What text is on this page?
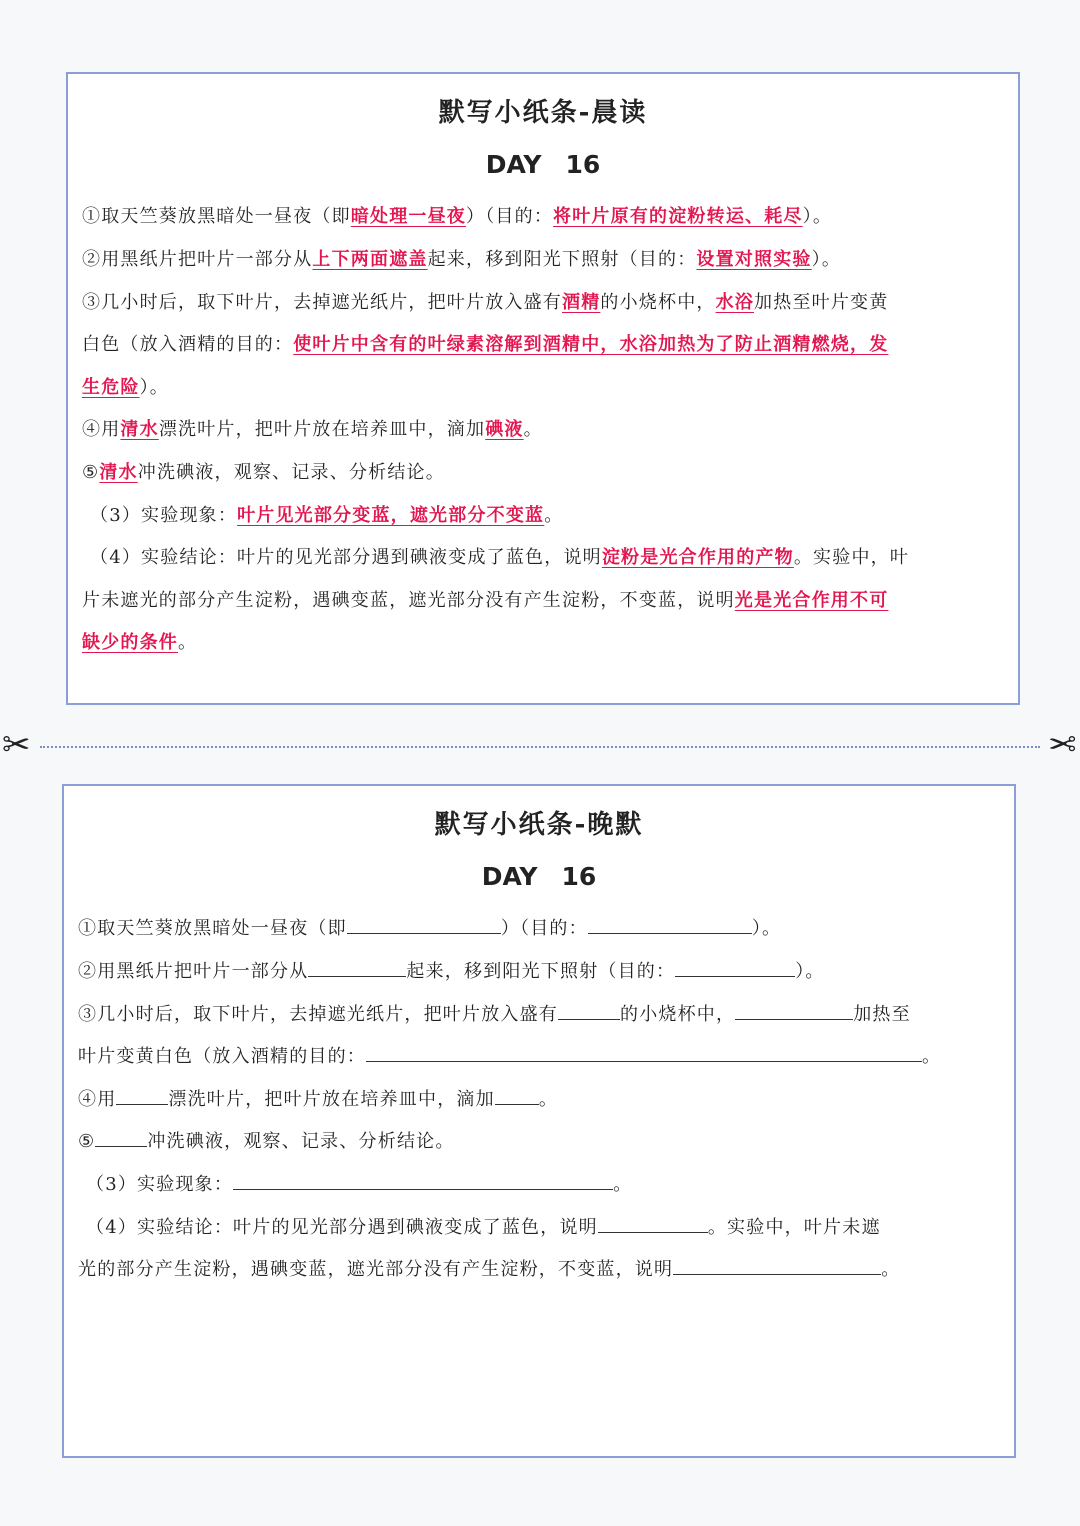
默写小纸条-晨读
DAY 16
①取天竺葵放黑暗处一昼夜（即暗处理一昼夜）（目的：将叶片原有的淀粉转运、耗尽）。
②用黑纸片把叶片一部分从上下两面遮盖起来，移到阳光下照射（目的：设置对照实验）。
③几小时后，取下叶片，去掉遮光纸片，把叶片放入盛有酒精的小烧杯中，水浴加热至叶片变黄
白色（放入酒精的目的：使叶片中含有的叶绿素溶解到酒精中，水浴加热为了防止酒精燃烧，发
生危险）。
④用清水漂洗叶片，把叶片放在培养皿中，滴加碘液。
⑤清水冲洗碘液，观察、记录、分析结论。
（3）实验现象：叶片见光部分变蓝，遮光部分不变蓝。
（4）实验结论：叶片的见光部分遇到碘液变成了蓝色，说明淀粉是光合作用的产物。实验中，叶
片未遮光的部分产生淀粉，遇碘变蓝，遮光部分没有产生淀粉，不变蓝，说明光是光合作用不可
缺少的条件。
✂	✂
默写小纸条-晚默
DAY 16
①取天竺葵放黑暗处一昼夜（即	）（目的：	）。
②用黑纸片把叶片一部分从	起来，移到阳光下照射（目的：	）。
③几小时后，取下叶片，去掉遮光纸片，把叶片放入盛有	的小烧杯中，	加热至
叶片变黄白色（放入酒精的目的：	。
④用	漂洗叶片，把叶片放在培养皿中，滴加 。
⑤	冲洗碘液，观察、记录、分析结论。
（3）实验现象：	。
（4）实验结论：叶片的见光部分遇到碘液变成了蓝色，说明	。实验中，叶片未遮
光的部分产生淀粉，遇碘变蓝，遮光部分没有产生淀粉，不变蓝，说明	。
